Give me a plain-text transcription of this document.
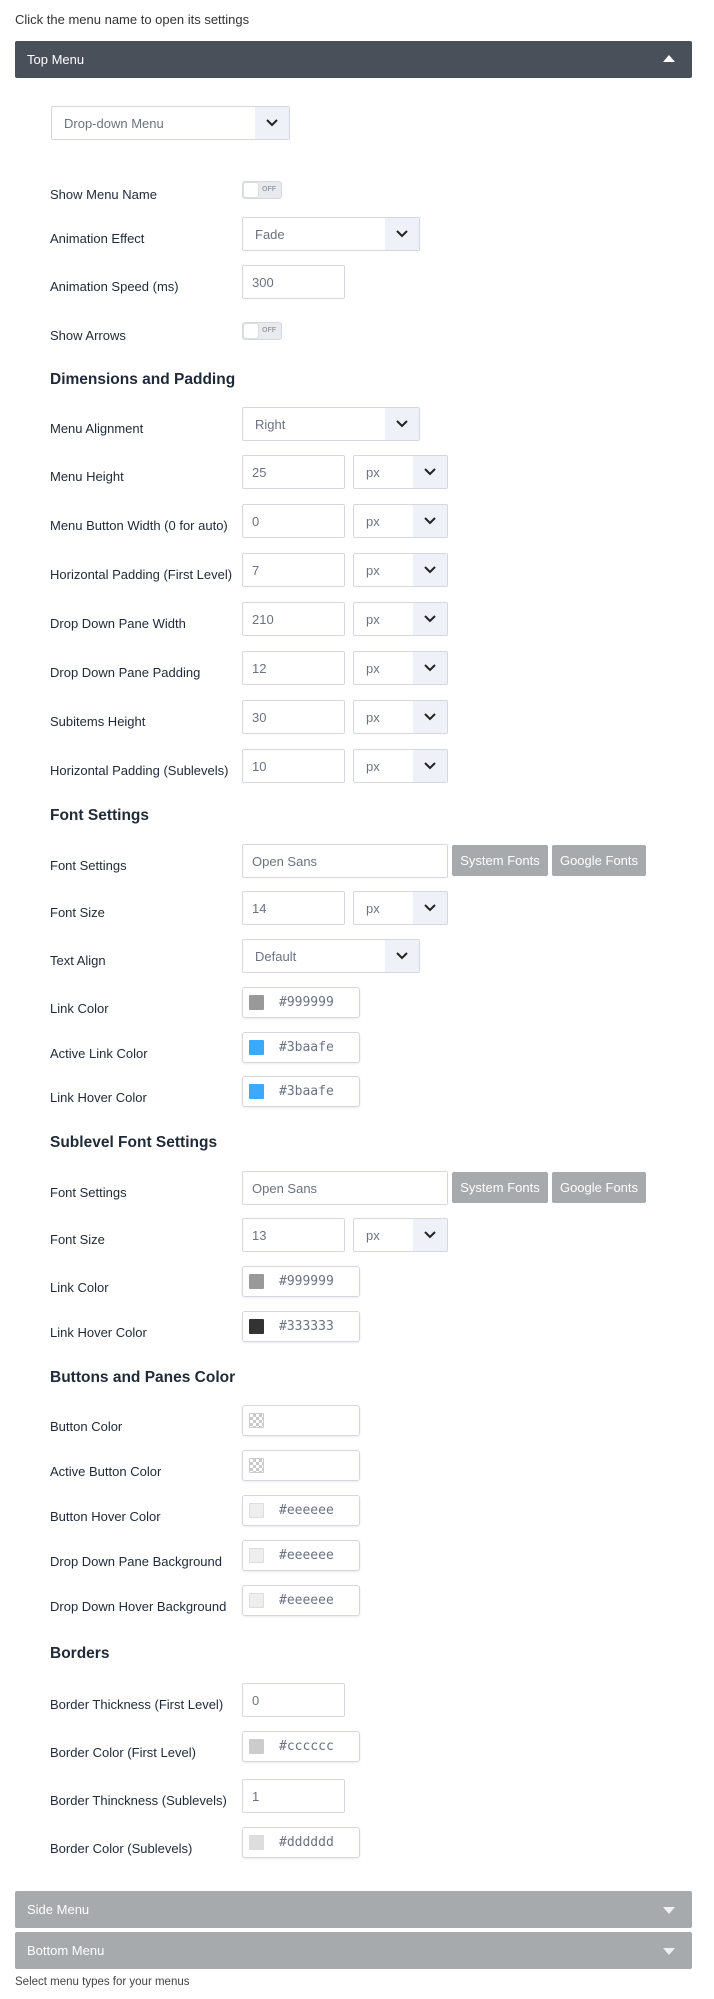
Click the menu name to open its settings
Top Menu
Drop-down Menu
Show Menu Name	OFF
Animation Effect	Fade
Animation Speed (ms)	300
Show Arrows	OFF
Dimensions and Padding
Menu Alignment	Right
Menu Height	25	px
Menu Button Width (0 for auto) 0	px
Horizontal Padding (First Level) 7	px
Drop Down Pane Width	210	px
Drop Down Pane Padding	12	px
Subitems Height	30	px
Horizontal Padding (Sublevels) 10	px
Font Settings
Font Settings	Open Sans	System Fonts	Google Fonts
Font Size	14	px
Text Align	Default
Link Color	#999999
Active Link Color	#3baafe
Link Hover Color	#3baafe
Sublevel Font Settings
Font Settings	Open Sans	System Fonts	Google Fonts
Font Size	13	px
Link Color	#999999
Link Hover Color	#333333
Buttons and Panes Color
Button Color
Active Button Color
Button Hover Color	#eeeeee
Drop Down Pane Background	#eeeeee
Drop Down Hover Background	#eeeeee
Borders
Border Thickness (First Level) 0
Border Color (First Level)	#cccccc
Border Thinckness (Sublevels) 1
Border Color (Sublevels)	#dddddd
Side Menu
Bottom Menu
Select menu types for your menus
